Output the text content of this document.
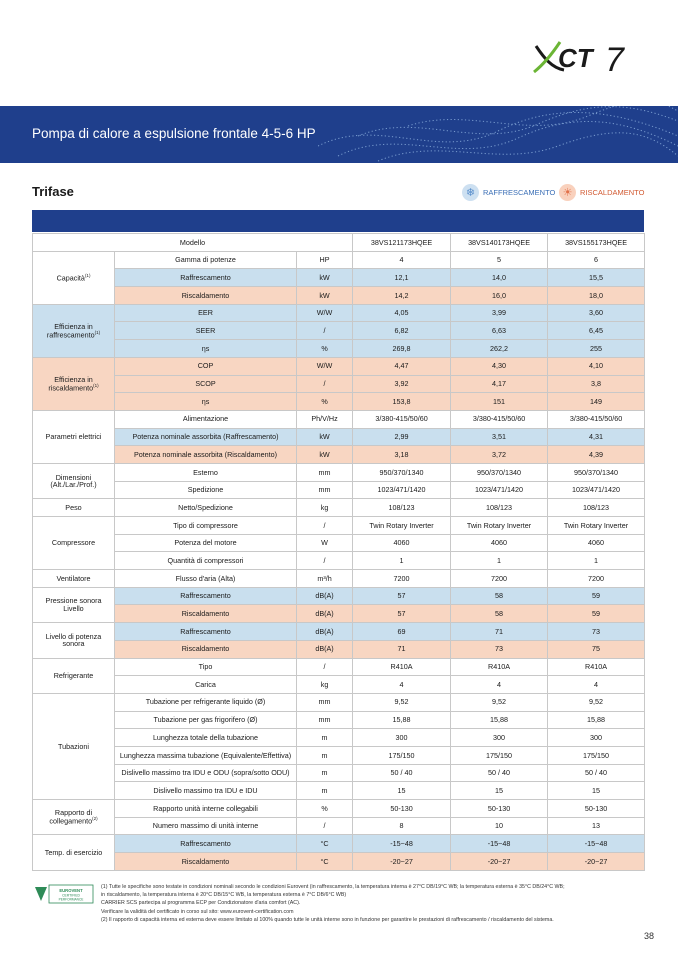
CT 7
Pompa di calore a espulsione frontale 4-5-6 HP
Trifase	❄	RAFFRESCAMENTO ☀	RISCALDAMENTO
Modello			38VS121173HQEE	38VS140173HQEE	38VS155173HQEE
Capacità$^{(1)}$	Gamma di potenze	HP	4	5	6
	Raffrescamento	kW	12,1	14,0	15,5
	Riscaldamento	kW	14,2	16,0	18,0
Efficienza in raffrescamento$^{(1)}$	EER	W/W	4,05	3,99	3,60
	SEER	/	6,82	6,63	6,45
	ηs	%	269,8	262,2	255
Efficienza in riscaldamento$^{(1)}$	COP	W/W	4,47	4,30	4,10
	SCOP	/	3,92	4,17	3,8
	ηs	%	153,8	151	149
Parametri elettrici	Alimentazione	Ph/V/Hz	3/380-415/50/60	3/380-415/50/60	3/380-415/50/60
	Potenza nominale assorbita (Raffrescamento)	kW	2,99	3,51	4,31
	Potenza nominale assorbita (Riscaldamento)	kW	3,18	3,72	4,39
Dimensioni (Alt./Lar./Prof.)	Esterno	mm	950/370/1340	950/370/1340	950/370/1340
	Spedizione	mm	1023/471/1420	1023/471/1420	1023/471/1420
Peso	Netto/Spedizione	kg	108/123	108/123	108/123
Compressore	Tipo di compressore	/	Twin Rotary Inverter	Twin Rotary Inverter	Twin Rotary Inverter
	Potenza del motore	W	4060	4060	4060
	Quantità di compressori	/	1	1	1
Ventilatore	Flusso d'aria (Alta)	m³/h	7200	7200	7200
Pressione sonora Livello	Raffrescamento	dB(A)	57	58	59
	Riscaldamento	dB(A)	57	58	59
Livello di potenza sonora	Raffrescamento	dB(A)	69	71	73
	Riscaldamento	dB(A)	71	73	75
Refrigerante	Tipo	/	R410A	R410A	R410A
	Carica	kg	4	4	4
Tubazioni	Tubazione per refrigerante liquido (Ø)	mm	9,52	9,52	9,52
	Tubazione per gas frigorifero (Ø)	mm	15,88	15,88	15,88
	Lunghezza totale della tubazione	m	300	300	300
	Lunghezza massima tubazione (Equivalente/Effettiva)	m	175/150	175/150	175/150
	Dislivello massimo tra IDU e ODU (sopra/sotto ODU)	m	50 / 40	50 / 40	50 / 40
	Dislivello massimo tra IDU e IDU	m	15	15	15
Rapporto di collegamento$^{(2)}$	Rapporto unità interne collegabili	%	50-130	50-130	50-130
	Numero massimo di unità interne	/	8	10	13
Temp. di esercizio	Raffrescamento	°C	-15~48	-15~48	-15~48
	Riscaldamento	°C	-20~27	-20~27	-20~27
EUROVENT
CERTIFIED
PERFORMANCE
(1) Tutte le specifiche sono testate in condizioni nominali secondo le condizioni Eurovent (in raffrescamento, la temperatura interna è 27°C DB/19°C WB; la temperatura esterna è 35°C DB/24°C WB;
in riscaldamento, la temperatura interna è 20°C DB/15°C WB, la temperatura esterna è 7°C DB/6°C WB)
CARRIER SCS partecipa al programma ECP per Condizionatore d'aria comfort (AC).
Verificare la validità del certificato in corso sul sito: www.eurovent-certification.com
(2) Il rapporto di capacità interna ed esterna deve essere limitato al 100% quando tutte le unità interne sono in funzione per garantire le prestazioni di raffrescamento / riscaldamento del sistema.
38
